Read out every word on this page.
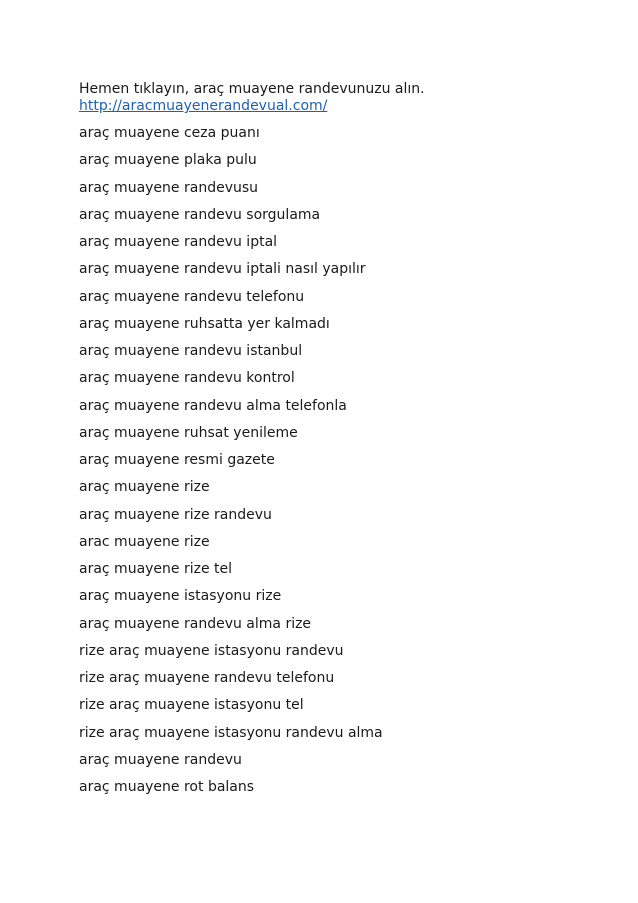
Hemen tıklayın, araç muayene randevunuzu alın.
http://aracmuayenerandevual.com/
araç muayene ceza puanı
araç muayene plaka pulu
araç muayene randevusu
araç muayene randevu sorgulama
araç muayene randevu iptal
araç muayene randevu iptali nasıl yapılır
araç muayene randevu telefonu
araç muayene ruhsatta yer kalmadı
araç muayene randevu istanbul
araç muayene randevu kontrol
araç muayene randevu alma telefonla
araç muayene ruhsat yenileme
araç muayene resmi gazete
araç muayene rize
araç muayene rize randevu
arac muayene rize
araç muayene rize tel
araç muayene istasyonu rize
araç muayene randevu alma rize
rize araç muayene istasyonu randevu
rize araç muayene randevu telefonu
rize araç muayene istasyonu tel
rize araç muayene istasyonu randevu alma
araç muayene randevu
araç muayene rot balans
